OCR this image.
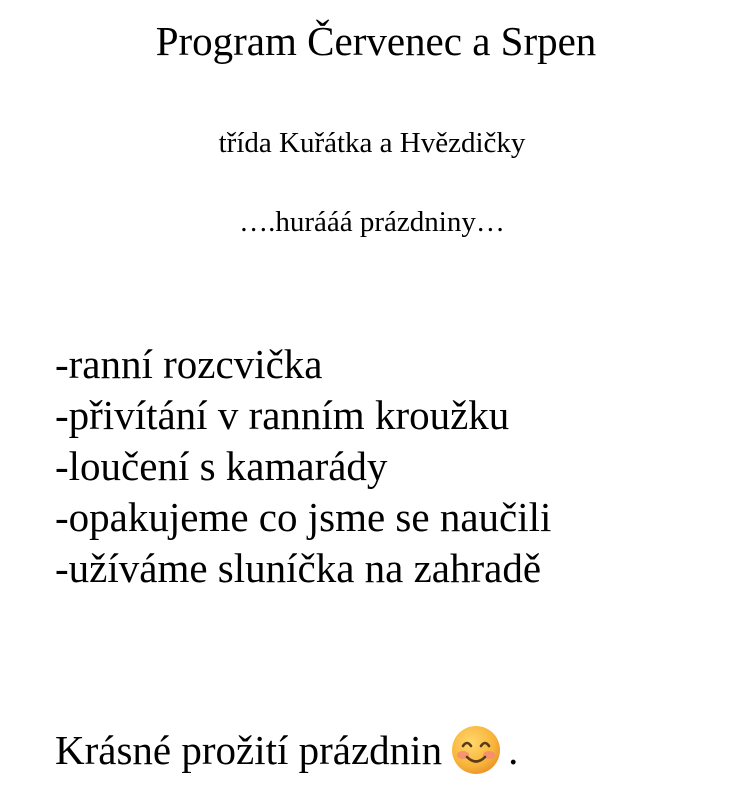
Program Červenec a Srpen

třída Kuřátka a Hvězdičky

….hurááá prázdniny…

-ranní rozcvička
-přivítání v ranním kroužku
-loučení s kamarády
-opakujeme co jsme se naučili
-užíváme sluníčka na zahradě
Krásné prožití prázdnin .
